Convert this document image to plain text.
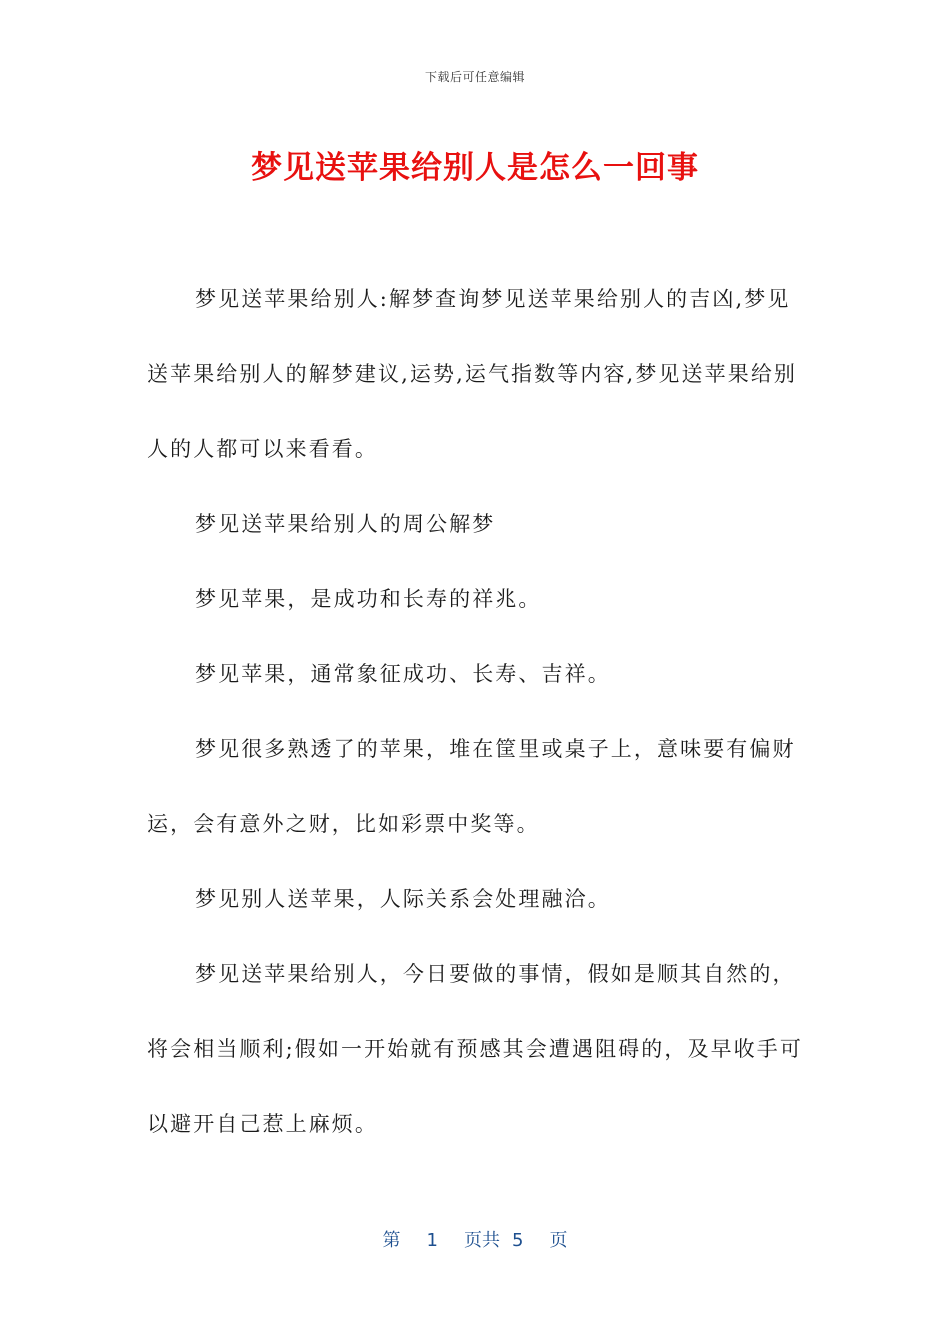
下载后可任意编辑
梦见送苹果给别人是怎么一回事

梦见送苹果给别人:解梦查询梦见送苹果给别人的吉凶,梦见送苹果给别人的解梦建议,运势,运气指数等内容,梦见送苹果给别人的人都可以来看看。

梦见送苹果给别人的周公解梦

梦见苹果，是成功和长寿的祥兆。

梦见苹果，通常象征成功、长寿、吉祥。

梦见很多熟透了的苹果，堆在筐里或桌子上，意味要有偏财运，会有意外之财，比如彩票中奖等。

梦见别人送苹果，人际关系会处理融洽。

梦见送苹果给别人，今日要做的事情，假如是顺其自然的，将会相当顺利;假如一开始就有预感其会遭遇阻碍的，及早收手可以避开自己惹上麻烦。

第 1 页共 5 页
